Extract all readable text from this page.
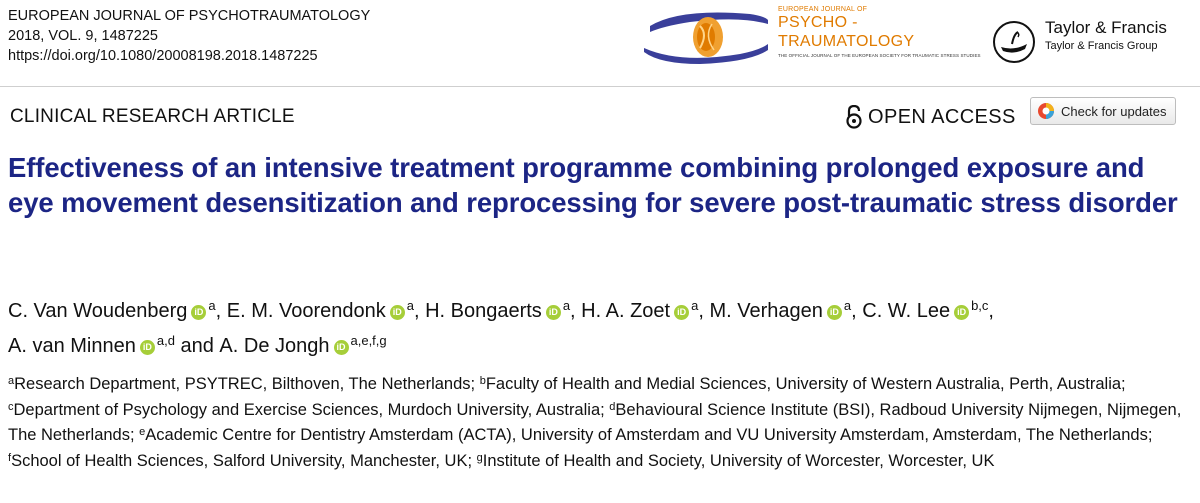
EUROPEAN JOURNAL OF PSYCHOTRAUMATOLOGY
2018, VOL. 9, 1487225
https://doi.org/10.1080/20008198.2018.1487225
EUROPEAN JOURNAL OF
PSYCHO -
TRAUMATOLOGY
THE OFFICIAL JOURNAL OF THE EUROPEAN SOCIETY FOR TRAUMATIC STRESS STUDIES
Taylor & Francis
Taylor & Francis Group
CLINICAL RESEARCH ARTICLE	OPEN ACCESS	Check for updates
Effectiveness of an intensive treatment programme combining prolonged exposure and eye movement desensitization and reprocessing for severe post-traumatic stress disorder
C. Van Woudenberg iD $^a$, E. M. Voorendonk iD $^a$, H. Bongaerts iD $^a$, H. A. Zoet iD $^a$, M. Verhagen iD $^a$, C. W. Lee iD $^{b,c}$, A. van Minnen iD $^{a,d}$ and A. De Jongh iD $^{a,e,f,g}$
$^a$Research Department, PSYTREC, Bilthoven, The Netherlands; $^b$Faculty of Health and Medial Sciences, University of Western Australia, Perth, Australia; $^c$Department of Psychology and Exercise Sciences, Murdoch University, Australia; $^d$Behavioural Science Institute (BSI), Radboud University Nijmegen, Nijmegen, The Netherlands; $^e$Academic Centre for Dentistry Amsterdam (ACTA), University of Amsterdam and VU University Amsterdam, Amsterdam, The Netherlands; $^f$School of Health Sciences, Salford University, Manchester, UK; $^g$Institute of Health and Society, University of Worcester, Worcester, UK
